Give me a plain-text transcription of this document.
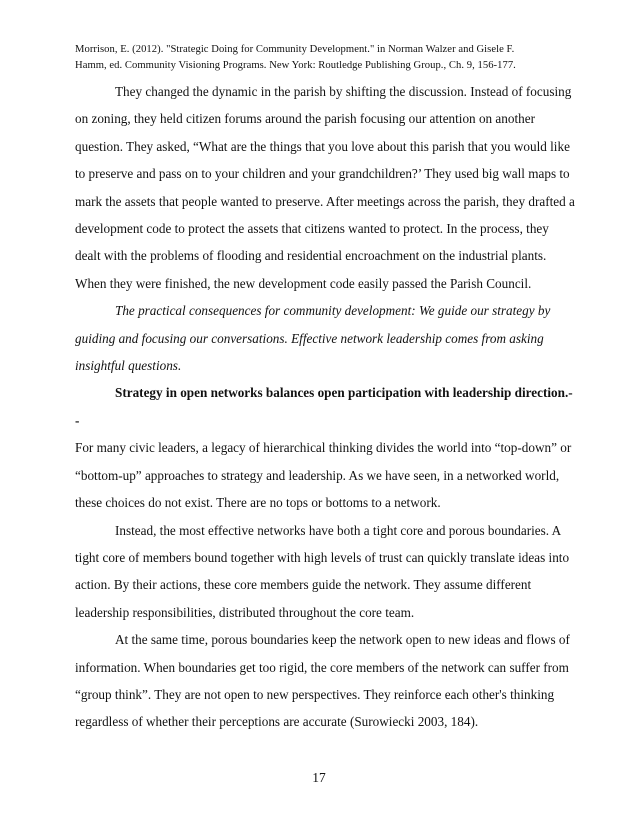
Morrison, E. (2012). "Strategic Doing for Community Development." in Norman Walzer and Gisele F.
Hamm, ed. Community Visioning Programs. New York: Routledge Publishing Group., Ch. 9, 156-177.

They changed the dynamic in the parish by shifting the discussion. Instead of focusing on zoning, they held citizen forums around the parish focusing our attention on another question. They asked, “What are the things that you love about this parish that you would like to preserve and pass on to your children and your grandchildren?’ They used big wall maps to mark the assets that people wanted to preserve. After meetings across the parish, they drafted a development code to protect the assets that citizens wanted to protect. In the process, they dealt with the problems of flooding and residential encroachment on the industrial plants. When they were finished, the new development code easily passed the Parish Council.

The practical consequences for community development: We guide our strategy by guiding and focusing our conversations. Effective network leadership comes from asking insightful questions.

Strategy in open networks balances open participation with leadership direction.--
For many civic leaders, a legacy of hierarchical thinking divides the world into “top-down” or “bottom-up” approaches to strategy and leadership. As we have seen, in a networked world, these choices do not exist. There are no tops or bottoms to a network.

Instead, the most effective networks have both a tight core and porous boundaries. A tight core of members bound together with high levels of trust can quickly translate ideas into action. By their actions, these core members guide the network. They assume different leadership responsibilities, distributed throughout the core team.

At the same time, porous boundaries keep the network open to new ideas and flows of information. When boundaries get too rigid, the core members of the network can suffer from “group think”. They are not open to new perspectives. They reinforce each other's thinking regardless of whether their perceptions are accurate (Surowiecki 2003, 184).

17
